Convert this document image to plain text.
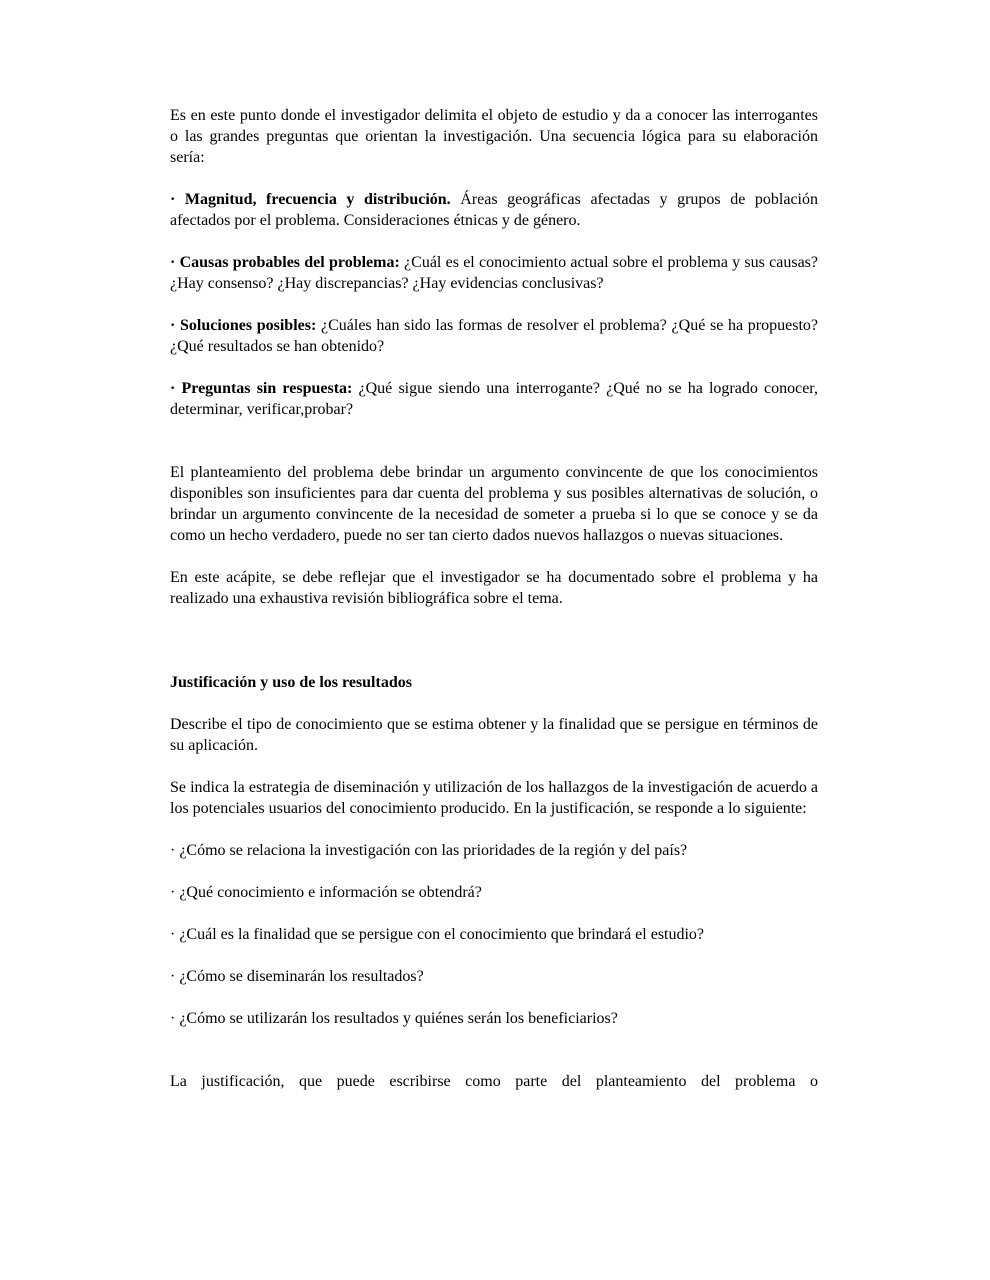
Es en este punto donde el investigador delimita el objeto de estudio y da a conocer las interrogantes o las grandes preguntas que orientan la investigación. Una secuencia lógica para su elaboración sería:

· Magnitud, frecuencia y distribución. Áreas geográficas afectadas y grupos de población afectados por el problema. Consideraciones étnicas y de género.

· Causas probables del problema: ¿Cuál es el conocimiento actual sobre el problema y sus causas? ¿Hay consenso? ¿Hay discrepancias? ¿Hay evidencias conclusivas?

· Soluciones posibles: ¿Cuáles han sido las formas de resolver el problema? ¿Qué se ha propuesto? ¿Qué resultados se han obtenido?

· Preguntas sin respuesta: ¿Qué sigue siendo una interrogante? ¿Qué no se ha logrado conocer, determinar, verificar,probar?

El planteamiento del problema debe brindar un argumento convincente de que los conocimientos disponibles son insuficientes para dar cuenta del problema y sus posibles alternativas de solución, o brindar un argumento convincente de la necesidad de someter a prueba si lo que se conoce y se da como un hecho verdadero, puede no ser tan cierto dados nuevos hallazgos o nuevas situaciones.

En este acápite, se debe reflejar que el investigador se ha documentado sobre el problema y ha realizado una exhaustiva revisión bibliográfica sobre el tema.

Justificación y uso de los resultados

Describe el tipo de conocimiento que se estima obtener y la finalidad que se persigue en términos de su aplicación.

Se indica la estrategia de diseminación y utilización de los hallazgos de la investigación de acuerdo a los potenciales usuarios del conocimiento producido. En la justificación, se responde a lo siguiente:

· ¿Cómo se relaciona la investigación con las prioridades de la región y del país?

· ¿Qué conocimiento e información se obtendrá?

· ¿Cuál es la finalidad que se persigue con el conocimiento que brindará el estudio?

· ¿Cómo se diseminarán los resultados?

· ¿Cómo se utilizarán los resultados y quiénes serán los beneficiarios?

La justificación, que puede escribirse como parte del planteamiento del problema o
